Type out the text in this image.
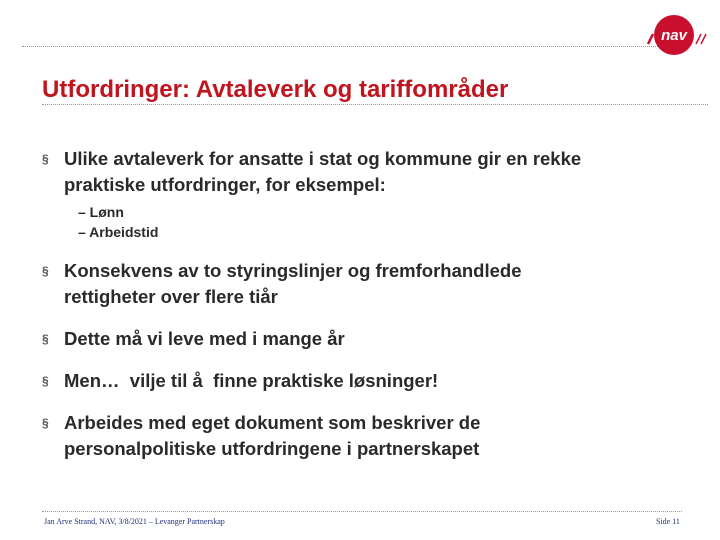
nav
Utfordringer: Avtaleverk og tariffområder
§ Ulike avtaleverk for ansatte i stat og kommune gir en rekke
praktiske utfordringer, for eksempel:
– Lønn
– Arbeidstid
§ Konsekvens av to styringslinjer og fremforhandlede
rettigheter over flere tiår
§ Dette må vi leve med i mange år
§ Men…  vilje til å  finne praktiske løsninger!
§ Arbeides med eget dokument som beskriver de
personalpolitiske utfordringene i partnerskapet
Jan Arve Strand, NAV, 3/8/2021 – Levanger Partnerskap	Side 11
